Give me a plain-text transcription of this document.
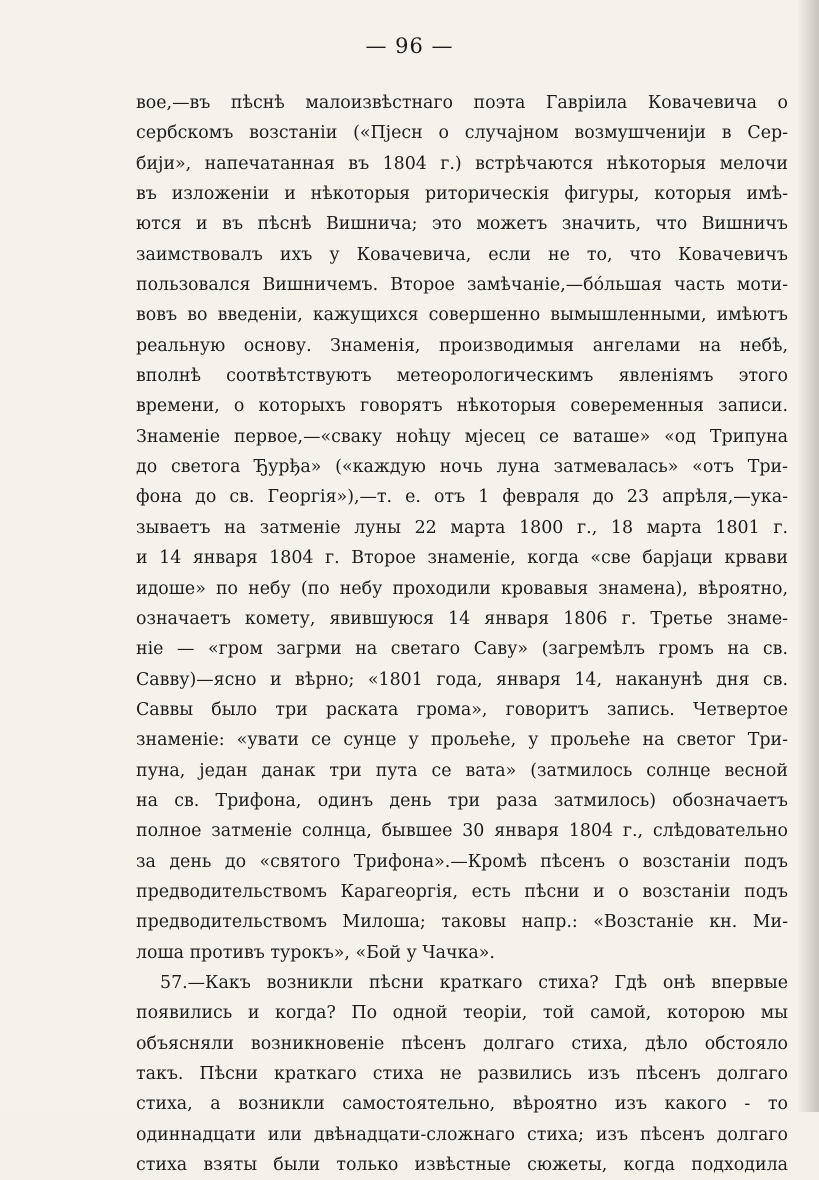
— 96 —
вое,—въ пѣснѣ малоизвѣстнаго поэта Гавріила Ковачевича о
сербскомъ возстаніи («Пјесн о случајном возмушченији в Сер-
бији», напечатанная въ 1804 г.) встрѣчаются нѣкоторыя мелочи
въ изложеніи и нѣкоторыя риторическія фигуры, которыя имѣ-
ются и въ пѣснѣ Вишнича; это можетъ значить, что Вишничъ
заимствовалъ ихъ у Ковачевича, если не то, что Ковачевичъ
пользовался Вишничемъ. Второе замѣчаніе,—бóльшая часть моти-
вовъ во введеніи, кажущихся совершенно вымышленными, имѣютъ
реальную основу. Знаменія, производимыя ангелами на небѣ,
вполнѣ соотвѣтствуютъ метеорологическимъ явленіямъ этого
времени, о которыхъ говорятъ нѣкоторыя совеременныя записи.
Знаменіе первое,—«сваку ноћцу мјесец се ваташе» «од Трипуна
до светога Ђурђа» («каждую ночь луна затмевалась» «отъ Три-
фона до св. Георгія»),—т. е. отъ 1 февраля до 23 апрѣля,—ука-
зываетъ на затменіе луны 22 марта 1800 г., 18 марта 1801 г.
и 14 января 1804 г. Второе знаменіе, когда «све барјаци крвави
идоше» по небу (по небу проходили кровавыя знамена), вѣроятно,
означаетъ комету, явившуюся 14 января 1806 г. Третье знаме-
ніе — «гром загрми на светаго Саву» (загремѣлъ громъ на св.
Савву)—ясно и вѣрно; «1801 года, января 14, наканунѣ дня св.
Саввы было три раската грома», говоритъ запись. Четвертое
знаменіе: «увати се сунце у прољеће, у прољеће на светог Три-
пуна, један данак три пута се вата» (затмилось солнце весной
на св. Трифона, одинъ день три раза затмилось) обозначаетъ
полное затменіе солнца, бывшее 30 января 1804 г., слѣдовательно
за день до «святого Трифона».—Кромѣ пѣсенъ о возстаніи подъ
предводительствомъ Карагеоргія, есть пѣсни и о возстаніи подъ
предводительствомъ Милоша; таковы напр.: «Возстаніе кн. Ми-
лоша противъ турокъ», «Бой у Чачка».
57.—Какъ возникли пѣсни краткаго стиха? Гдѣ онѣ впервые
появились и когда? По одной теоріи, той самой, которою мы
объясняли возникновеніе пѣсенъ долгаго стиха, дѣло обстояло
такъ. Пѣсни краткаго стиха не развились изъ пѣсенъ долгаго
стиха, а возникли самостоятельно, вѣроятно изъ какого - то
одиннадцати или двѣнадцати-сложнаго стиха; изъ пѣсенъ долгаго
стиха взяты были только извѣстные сюжеты, когда подходила
